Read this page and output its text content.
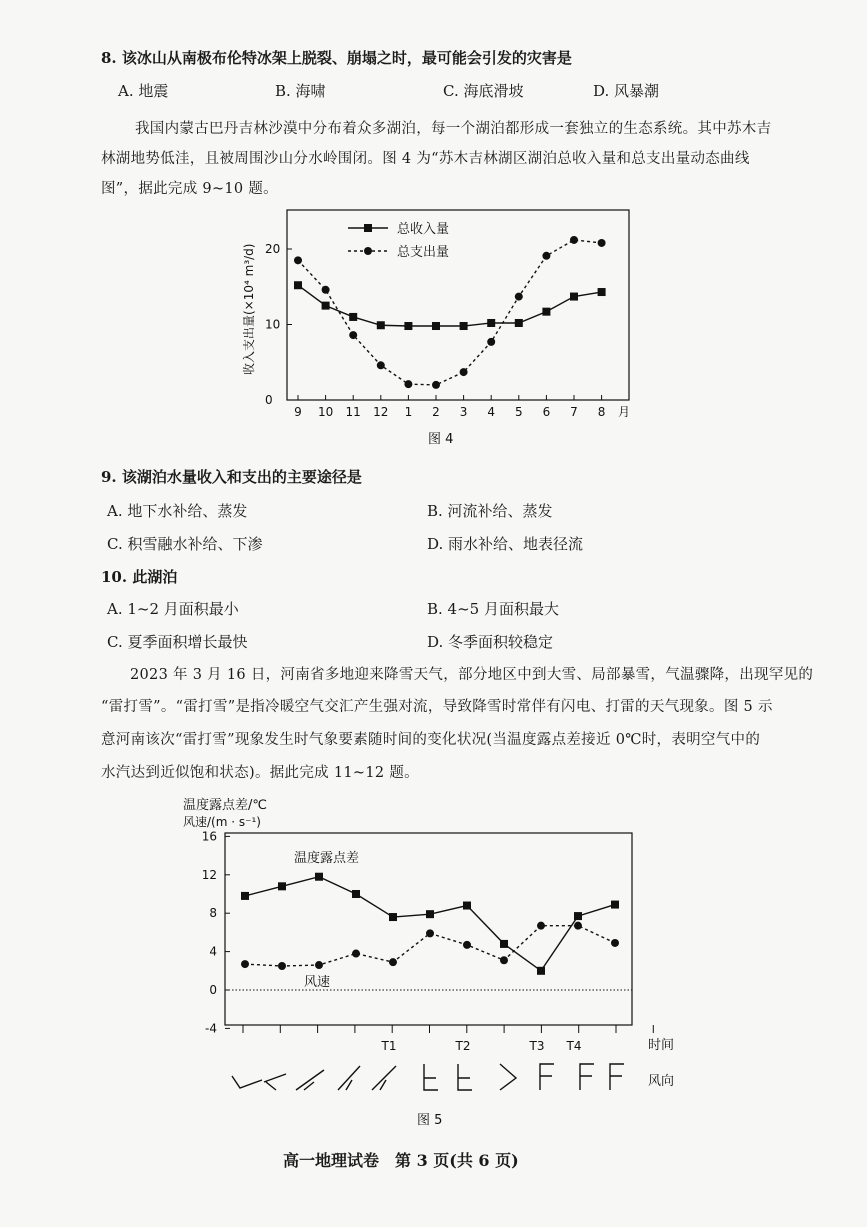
8. 该冰山从南极布伦特冰架上脱裂、崩塌之时，最可能会引发的灾害是
A. 地震	B. 海啸	C. 海底滑坡	D. 风暴潮
我国内蒙古巴丹吉林沙漠中分布着众多湖泊，每一个湖泊都形成一套独立的生态系统。其中苏木吉
林湖地势低洼，且被周围沙山分水岭围闭。图 4 为“苏木吉林湖区湖泊总收入量和总支出量动态曲线
图”，据此完成 9~10 题。
0
10
20
9 10 11 12 1 2 3 4 5 6 7 8
总收入量
总支出量
收入支出量(×10⁴ m³/d)
月
图 4
9. 该湖泊水量收入和支出的主要途径是
A. 地下水补给、蒸发	B. 河流补给、蒸发
C. 积雪融水补给、下渗	D. 雨水补给、地表径流
10. 此湖泊
A. 1~2 月面积最小	B. 4~5 月面积最大
C. 夏季面积增长最快	D. 冬季面积较稳定
2023 年 3 月 16 日，河南省多地迎来降雪天气，部分地区中到大雪、局部暴雪，气温骤降，出现罕见的
“雷打雪”。“雷打雪”是指冷暖空气交汇产生强对流，导致降雪时常伴有闪电、打雷的天气现象。图 5 示
意河南该次“雷打雪”现象发生时气象要素随时间的变化状况(当温度露点差接近 0℃时，表明空气中的
水汽达到近似饱和状态)。据此完成 11~12 题。
16
12
8
4
0
-4
T1	T2	T3 T4
温度露点差/℃
风速/(m · s⁻¹)
温度露点差
风速
时间
风向
图 5
高一地理试卷　第 3 页(共 6 页)
